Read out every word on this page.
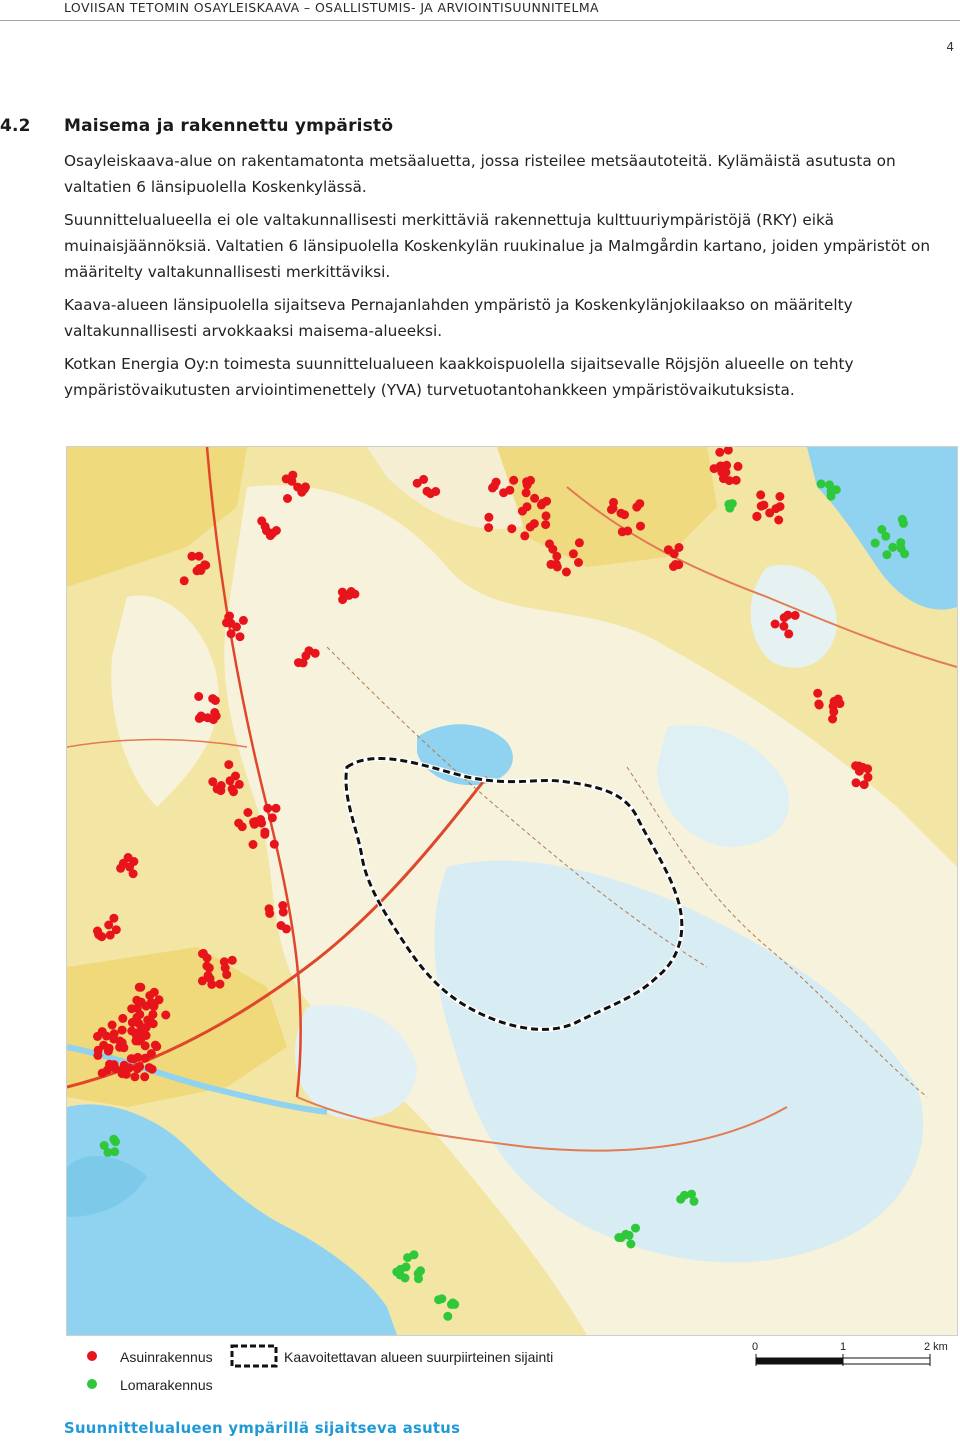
LOVIISAN TETOMIN OSAYLEISKAAVA – OSALLISTUMIS- JA ARVIOINTISUUNNITELMA
4
4.2 Maisema ja rakennettu ympäristö

Osayleiskaava-alue on rakentamatonta metsäaluetta, jossa risteilee metsäautoteitä. Kylämäistä asutusta on valtatien 6 länsipuolella Koskenkylässä.

Suunnittelualueella ei ole valtakunnallisesti merkittäviä rakennettuja kulttuuriympäristöjä (RKY) eikä muinaisjäännöksiä. Valtatien 6 länsipuolella Koskenkylän ruukinalue ja Malmgårdin kartano, joiden ympäristöt on määritelty valtakunnallisesti merkittäviksi.

Kaava-alueen länsipuolella sijaitseva Pernajanlahden ympäristö ja Koskenkylänjokilaakso on määritelty valtakunnallisesti arvokkaaksi maisema-alueeksi.

Kotkan Energia Oy:n toimesta suunnittelualueen kaakkoispuolella sijaitsevalle Röjsjön alueelle on tehty ympäristövaikutusten arviointimenettely (YVA) turvetuotantohankkeen ympäristövaikutuksista.

Asuinrakennus
Lomarakennus
Kaavoitettavan alueen suurpiirteinen sijainti
0	1	2 km
Suunnittelualueen ympärillä sijaitseva asutus
